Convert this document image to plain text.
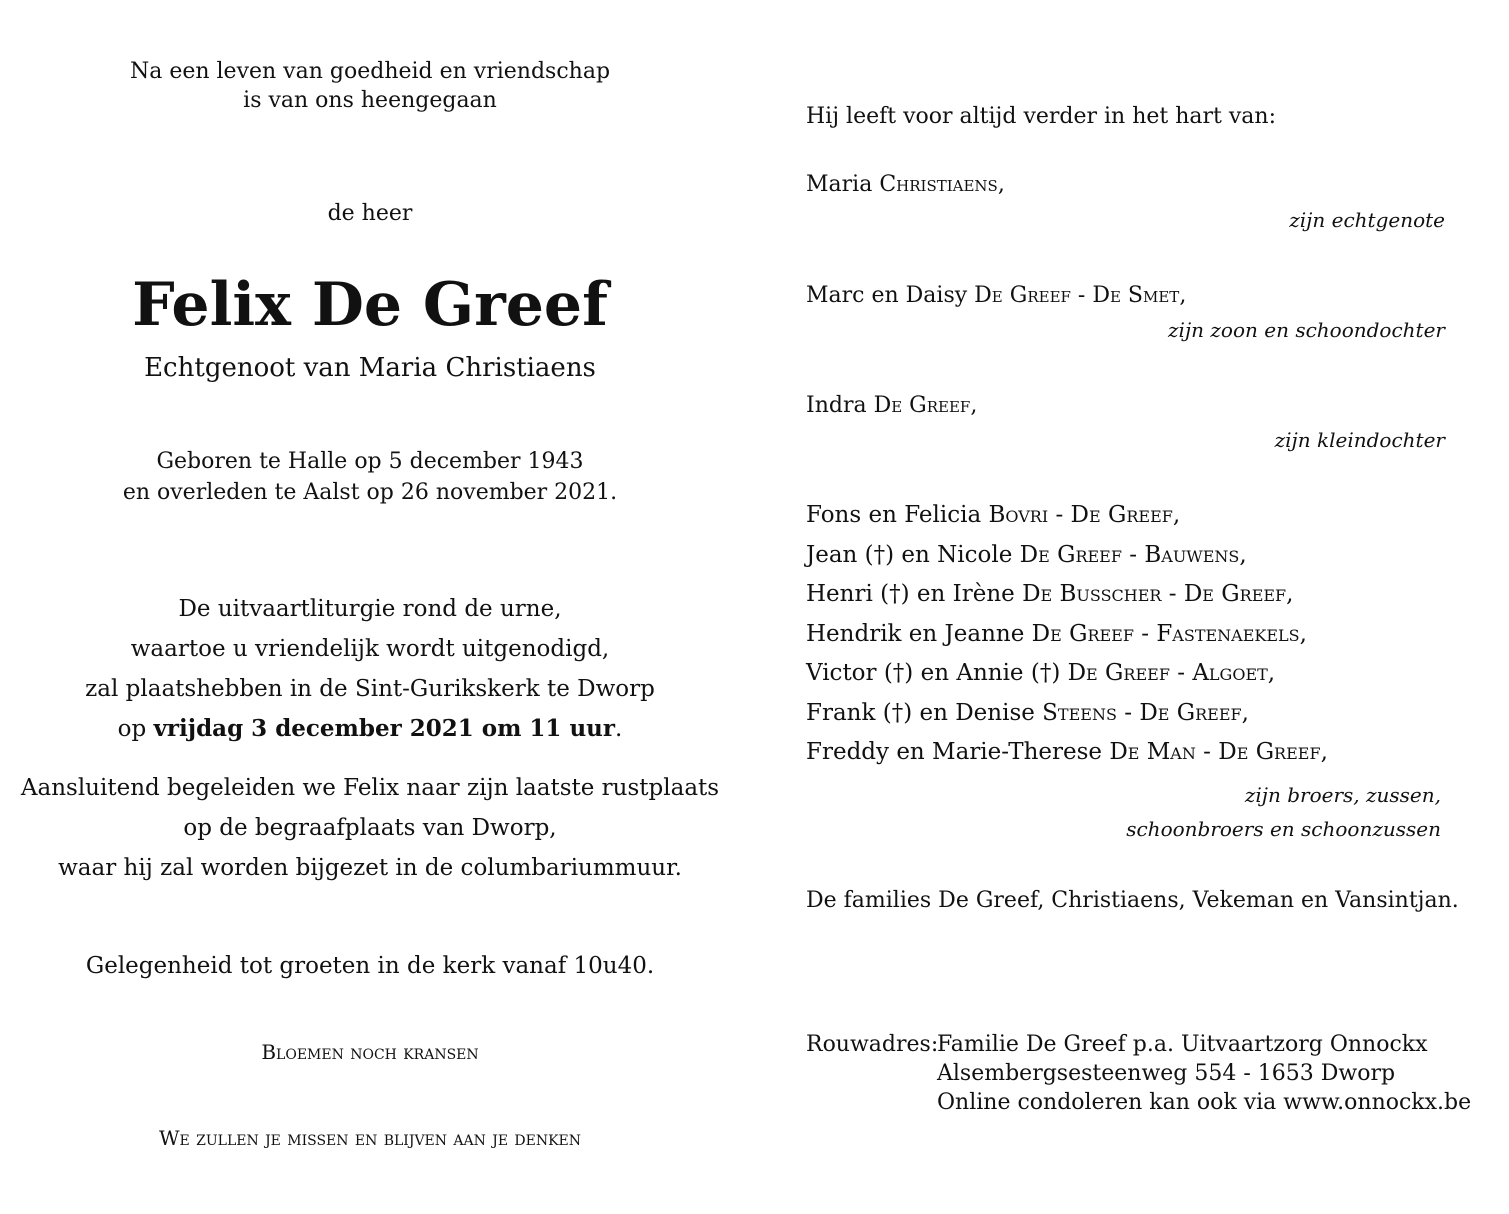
Na een leven van goedheid en vriendschap
is van ons heengegaan
de heer
Felix De Greef
Echtgenoot van Maria Christiaens
Geboren te Halle op 5 december 1943
en overleden te Aalst op 26 november 2021.
De uitvaartliturgie rond de urne,
waartoe u vriendelijk wordt uitgenodigd,
zal plaatshebben in de Sint-Gurikskerk te Dworp
op vrijdag 3 december 2021 om 11 uur.
Aansluitend begeleiden we Felix naar zijn laatste rustplaats
op de begraafplaats van Dworp,
waar hij zal worden bijgezet in de columbariummuur.
Gelegenheid tot groeten in de kerk vanaf 10u40.
Bloemen noch kransen
We zullen je missen en blijven aan je denken
Hij leeft voor altijd verder in het hart van:
Maria Christiaens,
zijn echtgenote
Marc en Daisy De Greef - De Smet,
zijn zoon en schoondochter
Indra De Greef,
zijn kleindochter
Fons en Felicia Bovri - De Greef,
Jean (†) en Nicole De Greef - Bauwens,
Henri (†) en Irène De Busscher - De Greef,
Hendrik en Jeanne De Greef - Fastenaekels,
Victor (†) en Annie (†) De Greef - Algoet,
Frank (†) en Denise Steens - De Greef,
Freddy en Marie-Therese De Man - De Greef,
zijn broers, zussen,
schoonbroers en schoonzussen
De families De Greef, Christiaens, Vekeman en Vansintjan.
Rouwadres:
Familie De Greef p.a. Uitvaartzorg Onnockx
Alsembergsesteenweg 554 - 1653 Dworp
Online condoleren kan ook via www.onnockx.be
